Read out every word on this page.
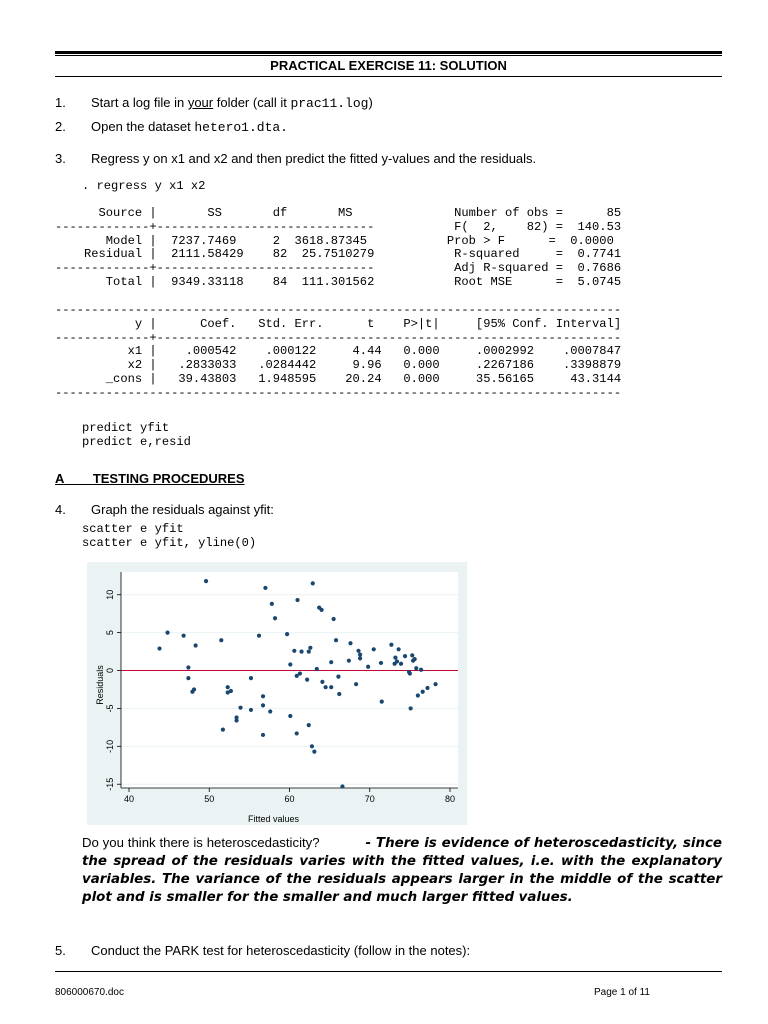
PRACTICAL EXERCISE 11: SOLUTION
1. Start a log file in your folder (call it prac11.log)
2. Open the dataset hetero1.dta.
3. Regress y on x1 and x2 and then predict the fitted y-values and the residuals.
. regress y x1 x2
Source |       SS       df       MS              Number of obs =      85
-------------+------------------------------           F(  2,    82) =  140.53
Model |  7237.7469     2  3618.87345           Prob > F      =  0.0000
Residual |  2111.58429    82  25.7510279           R-squared     =  0.7741
-------------+------------------------------           Adj R-squared =  0.7686
Total |  9349.33118    84  111.301562           Root MSE      =  5.0745
------------------------------------------------------------------------------
y |      Coef.   Std. Err.      t    P>|t|     [95% Conf. Interval]
-------------+----------------------------------------------------------------
x1 |    .000542    .000122     4.44   0.000     .0002992    .0007847
x2 |   .2833033   .0284442     9.96   0.000     .2267186    .3398879
_cons |   39.43803   1.948595    20.24   0.000     35.56165     43.3144
------------------------------------------------------------------------------
predict yfit
predict e,resid
A TESTING PROCEDURES
4. Graph the residuals against yfit:
scatter e yfit
scatter e yfit, yline(0)
40	50	60	70	80
-15
-10
-5
0
5
10
Fitted values
Residuals
Do you think there is heteroscedasticity?	- There is evidence of heteroscedasticity, since the spread of the residuals varies with the fitted values, i.e. with the explanatory variables. The variance of the residuals appears larger in the middle of the scatter plot and is smaller for the smaller and much larger fitted values.
5. Conduct the PARK test for heteroscedasticity (follow in the notes):
806000670.doc	Page 1 of 11
